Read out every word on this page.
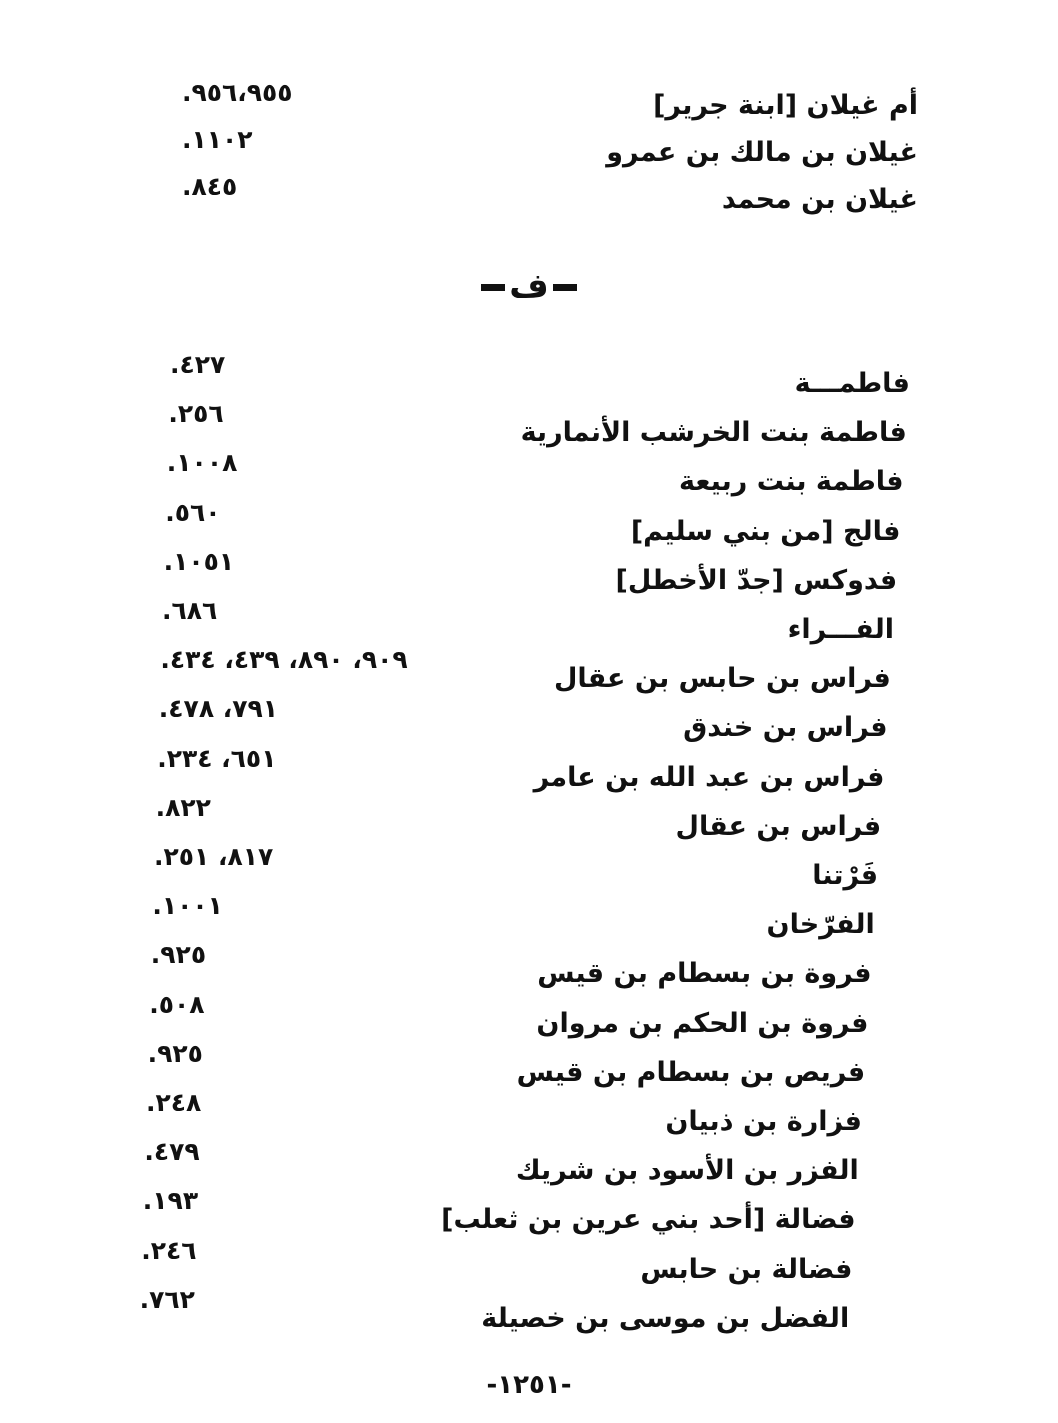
أم غيلان [ابنة جرير]
.٩٥٦،٩٥٥
غيلان بن مالك بن عمرو
.١١٠٢
غيلان بن محمد
.٨٤٥
ف
فاطمـــة
.٤٢٧
فاطمة بنت الخرشب الأنمارية
.٢٥٦
فاطمة بنت ربيعة
.١٠٠٨
فالج [من بني سليم]
.٥٦٠
فدوكس [جدّ الأخطل]
.١٠٥١
الفـــراء
.٦٨٦
فراس بن حابس بن عقال
.٩٠٩، ٨٩٠، ٤٣٩، ٤٣٤
فراس بن خندق
.٧٩١، ٤٧٨
فراس بن عبد الله بن عامر
.٦٥١، ٢٣٤
فراس بن عقال
.٨٢٢
فَرْتنا
.٨١٧، ٢٥١
الفرّخان
.١٠٠١
فروة بن بسطام بن قيس
.٩٢٥
فروة بن الحكم بن مروان
.٥٠٨
فريص بن بسطام بن قيس
.٩٢٥
فزارة بن ذبيان
.٢٤٨
الفزر بن الأسود بن شريك
.٤٧٩
فضالة [أحد بني عرين بن ثعلب]
.١٩٣
فضالة بن حابس
.٢٤٦
الفضل بن موسى بن خصيلة
.٧٦٢
-١٢٥١-
